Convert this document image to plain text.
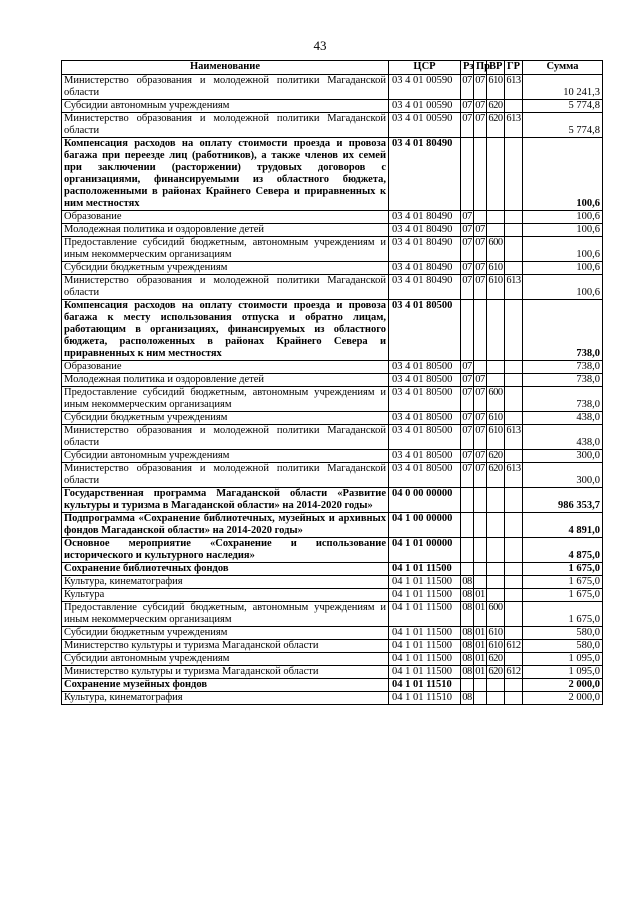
43
Наименование	ЦСР	Рз	Пр	ВР	ГР	Сумма
Министерство образования и молодежной политики Магаданской области	03 4 01 00590	07	07	610	613	10 241,3
Субсидии автономным учреждениям	03 4 01 00590	07	07	620		5 774,8
Министерство образования и молодежной политики Магаданской области	03 4 01 00590	07	07	620	613	5 774,8
Компенсация расходов на оплату стоимости проезда и провоза багажа при переезде лиц (работников), а также членов их семей при заключении (расторжении) трудовых договоров с организациями, финансируемыми из областного бюджета, расположенными в районах Крайнего Севера и приравненных к ним местностях	03 4 01 80490					100,6
Образование	03 4 01 80490	07				100,6
Молодежная политика и оздоровление детей	03 4 01 80490	07	07			100,6
Предоставление субсидий бюджетным, автономным учреждениям и иным некоммерческим организациям	03 4 01 80490	07	07	600		100,6
Субсидии бюджетным учреждениям	03 4 01 80490	07	07	610		100,6
Министерство образования и молодежной политики Магаданской области	03 4 01 80490	07	07	610	613	100,6
Компенсация расходов на оплату стоимости проезда и провоза багажа к месту использования отпуска и обратно лицам, работающим в организациях, финансируемых из областного бюджета, расположенных в районах Крайнего Севера и приравненных к ним местностях	03 4 01 80500					738,0
Образование	03 4 01 80500	07				738,0
Молодежная политика и оздоровление детей	03 4 01 80500	07	07			738,0
Предоставление субсидий бюджетным, автономным учреждениям и иным некоммерческим организациям	03 4 01 80500	07	07	600		738,0
Субсидии бюджетным учреждениям	03 4 01 80500	07	07	610		438,0
Министерство образования и молодежной политики Магаданской области	03 4 01 80500	07	07	610	613	438,0
Субсидии автономным учреждениям	03 4 01 80500	07	07	620		300,0
Министерство образования и молодежной политики Магаданской области	03 4 01 80500	07	07	620	613	300,0
Государственная программа Магаданской области «Развитие культуры и туризма в Магаданской области» на 2014-2020 годы»	04 0 00 00000					986 353,7
Подпрограмма «Сохранение библиотечных, музейных и архивных фондов Магаданской области» на 2014-2020 годы»	04 1 00 00000					4 891,0
Основное мероприятие «Сохранение и использование исторического и культурного наследия»	04 1 01 00000					4 875,0
Сохранение библиотечных фондов	04 1 01 11500					1 675,0
Культура, кинематография	04 1 01 11500	08				1 675,0
Культура	04 1 01 11500	08	01			1 675,0
Предоставление субсидий бюджетным, автономным учреждениям и иным некоммерческим организациям	04 1 01 11500	08	01	600		1 675,0
Субсидии бюджетным учреждениям	04 1 01 11500	08	01	610		580,0
Министерство культуры и туризма Магаданской области	04 1 01 11500	08	01	610	612	580,0
Субсидии автономным учреждениям	04 1 01 11500	08	01	620		1 095,0
Министерство культуры и туризма Магаданской области	04 1 01 11500	08	01	620	612	1 095,0
Сохранение музейных фондов	04 1 01 11510					2 000,0
Культура, кинематография	04 1 01 11510	08				2 000,0
